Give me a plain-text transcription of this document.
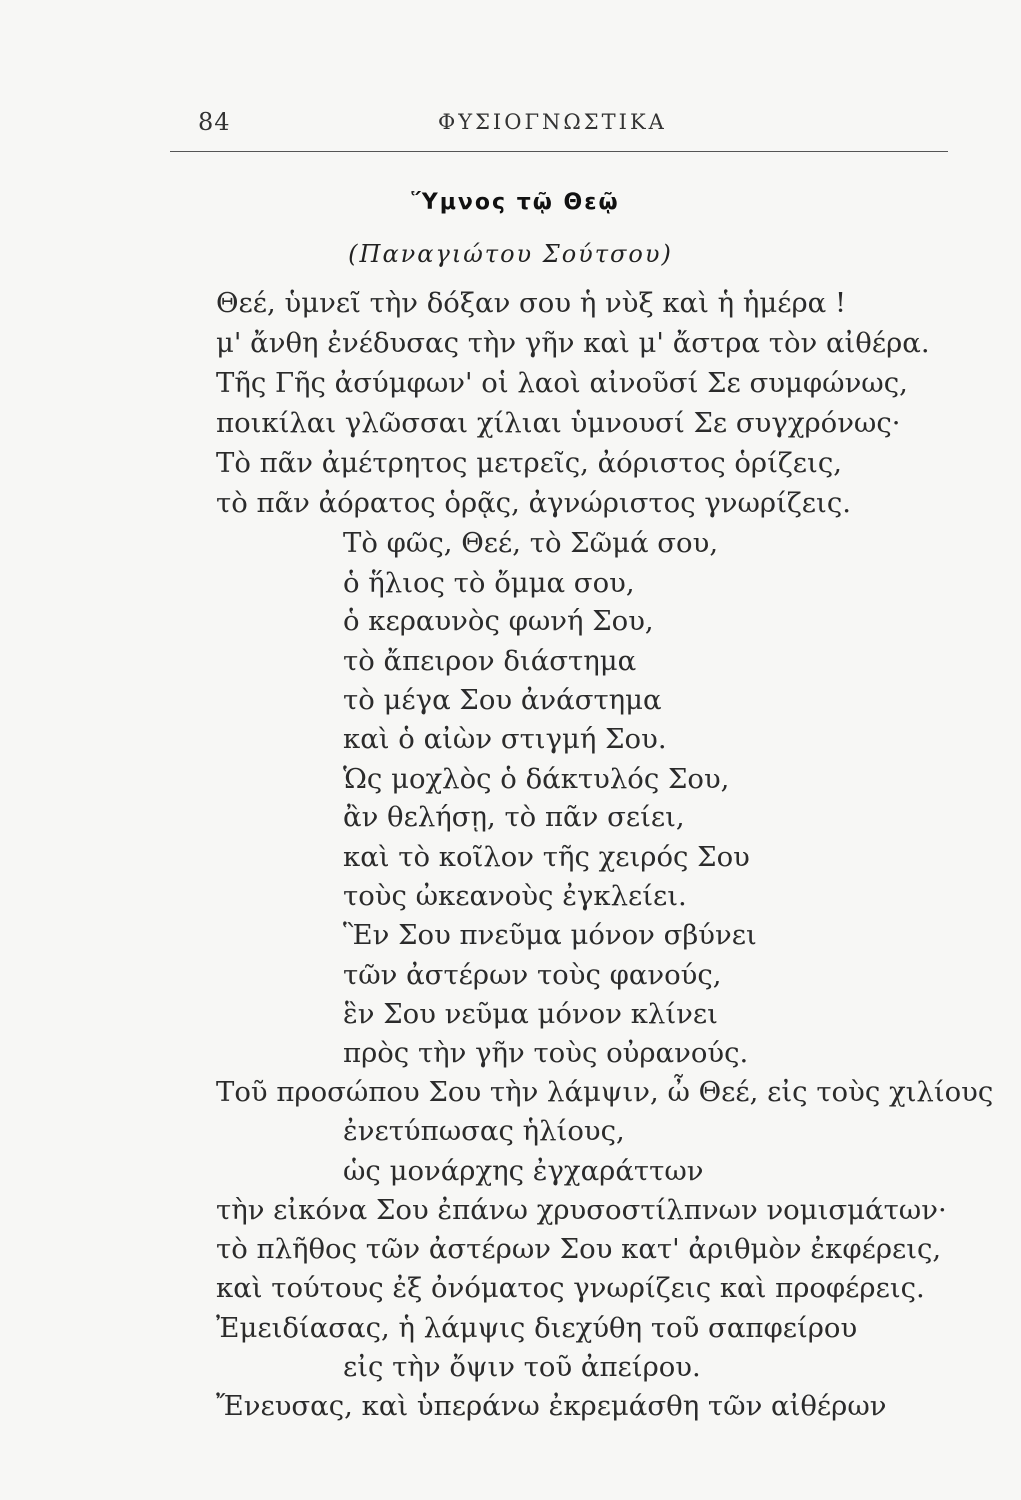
84	ΦΥΣΙΟΓΝΩΣΤΙΚΑ
Ὕμνος τῷ Θεῷ
(Παναγιώτου Σούτσου)
Θεέ, ὑμνεῖ τὴν δόξαν σου ἡ νὺξ καὶ ἡ ἡμέρα !
μ' ἄνθη ἐνέδυσας τὴν γῆν καὶ μ' ἄστρα τὸν αἰθέρα.
Τῆς Γῆς ἀσύμφων' οἱ λαοὶ αἰνοῦσί Σε συμφώνως,
ποικίλαι γλῶσσαι χίλιαι ὑμνουσί Σε συγχρόνως·
Τὸ πᾶν ἀμέτρητος μετρεῖς, ἀόριστος ὁρίζεις,
τὸ πᾶν ἀόρατος ὁρᾷς, ἀγνώριστος γνωρίζεις.
Τὸ φῶς, Θεέ, τὸ Σῶμά σου,
ὁ ἥλιος τὸ ὄμμα σου,
ὁ κεραυνὸς φωνή Σου,
τὸ ἄπειρον διάστημα
τὸ μέγα Σου ἀνάστημα
καὶ ὁ αἰὼν στιγμή Σου.
Ὡς μοχλὸς ὁ δάκτυλός Σου,
ἂν θελήσῃ, τὸ πᾶν σείει,
καὶ τὸ κοῖλον τῆς χειρός Σου
τοὺς ὠκεανοὺς ἐγκλείει.
Ἓν Σου πνεῦμα μόνον σβύνει
τῶν ἀστέρων τοὺς φανούς,
ἓν Σου νεῦμα μόνον κλίνει
πρὸς τὴν γῆν τοὺς οὐρανούς.
Τοῦ προσώπου Σου τὴν λάμψιν, ὦ Θεέ, εἰς τοὺς χιλίους
ἐνετύπωσας ἡλίους,
ὡς μονάρχης ἐγχαράττων
τὴν εἰκόνα Σου ἐπάνω χρυσοστίλπνων νομισμάτων·
τὸ πλῆθος τῶν ἀστέρων Σου κατ' ἀριθμὸν ἐκφέρεις,
καὶ τούτους ἐξ ὀνόματος γνωρίζεις καὶ προφέρεις.
Ἐμειδίασας, ἡ λάμψις διεχύθη τοῦ σαπφείρου
εἰς τὴν ὄψιν τοῦ ἀπείρου.
Ἔνευσας, καὶ ὑπεράνω ἐκρεμάσθη τῶν αἰθέρων
